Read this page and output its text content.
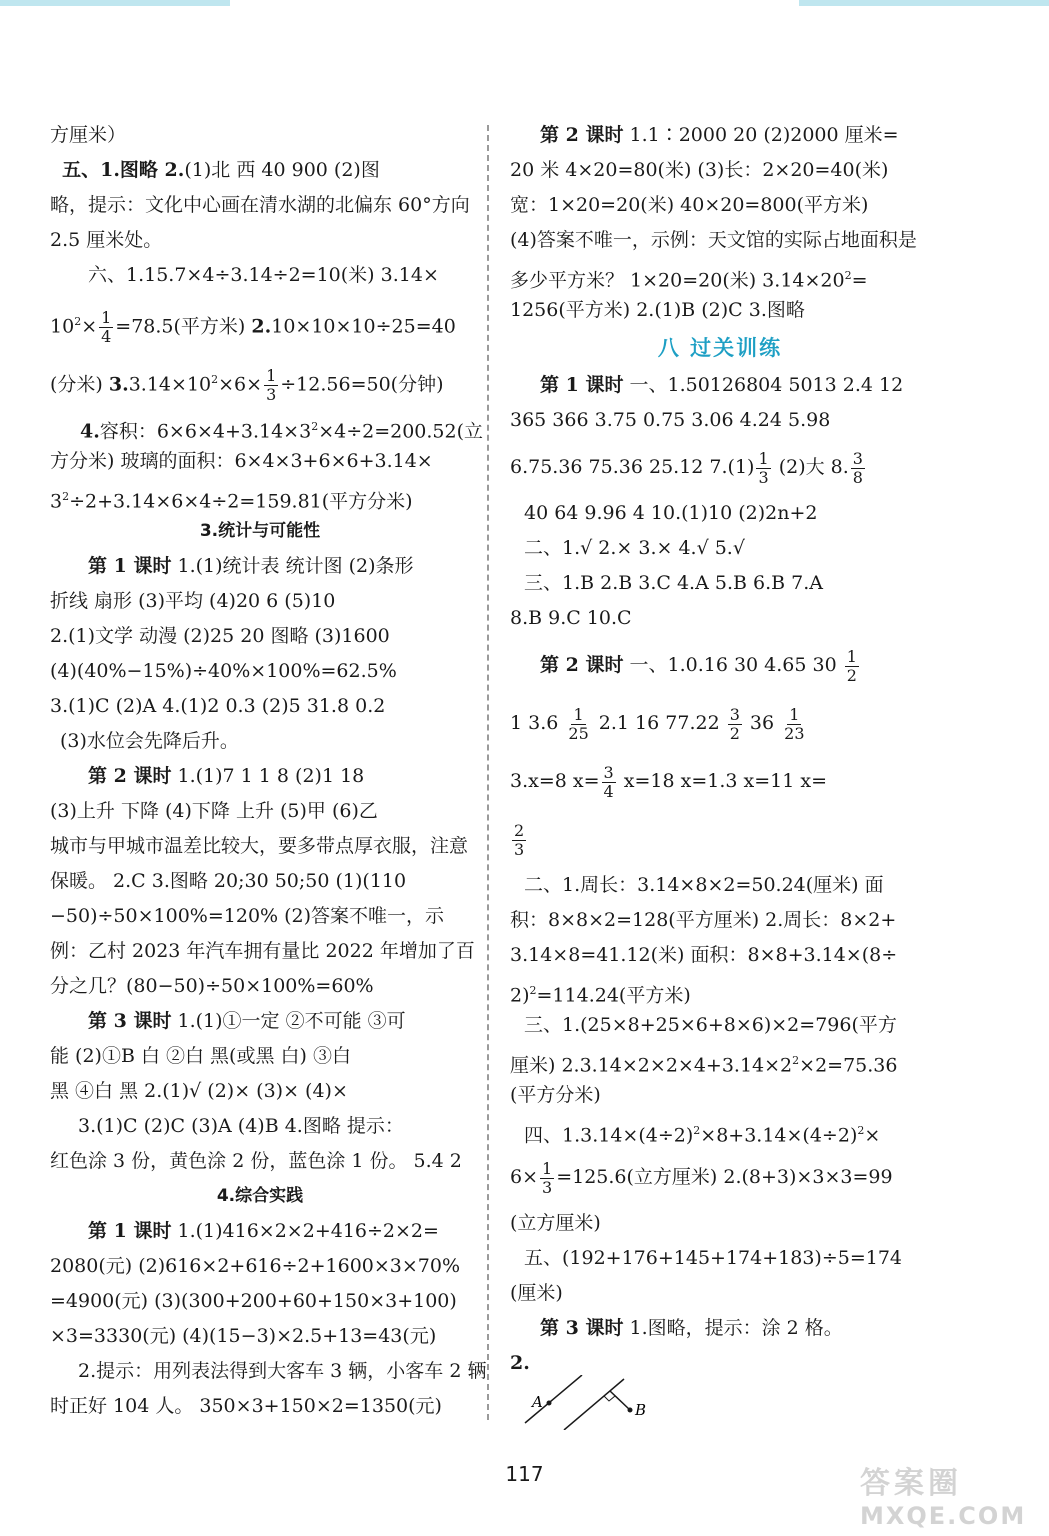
方厘米）
五、1.图略 2.(1)北 西 40 900 (2)图
略，提示：文化中心画在清水湖的北偏东 60°方向
2.5 厘米处。
六、1.15.7×4÷3.14÷2=10(米) 3.14×
$10^2\times \frac{1}{4} =78.5$(平方米) 2.10×10×10÷25=40
(分米) $3.3.14\times 10^2\times 6\times \frac{1}{3} \div 12.56=50$(分钟)
4.容积：$6\times 6\times 4+3.14\times 3^2\times 4\div 2=200.52$(立
方分米) 玻璃的面积：6×4×3+6×6+3.14×
$3^2\div 2+3.14\times 6\times 4\div 2=159.81$(平方分米)
3.统计与可能性
第 1 课时 1.(1)统计表 统计图 (2)条形
折线 扇形 (3)平均 (4)20 6 (5)10
2.(1)文学 动漫 (2)25 20 图略 (3)1600
(4)(40%−15%)÷40%×100%=62.5%
3.(1)C (2)A 4.(1)2 0.3 (2)5 31.8 0.2
(3)水位会先降后升。
第 2 课时 1.(1)7 1 1 8 (2)1 18
(3)上升 下降 (4)下降 上升 (5)甲 (6)乙
城市与甲城市温差比较大，要多带点厚衣服，注意
保暖。 2.C 3.图略 20;30 50;50 (1)(110
−50)÷50×100%=120% (2)答案不唯一，示
例：乙村 2023 年汽车拥有量比 2022 年增加了百
分之几？(80−50)÷50×100%=60%
第 3 课时 1.(1)①一定 ②不可能 ③可
能 (2)①B 白 ②白 黑(或黑 白) ③白
黑 ④白 黑 2.(1)√ (2)× (3)× (4)×
3.(1)C (2)C (3)A (4)B 4.图略 提示：
红色涂 3 份，黄色涂 2 份，蓝色涂 1 份。 5.4 2
4.综合实践
第 1 课时 1.(1)416×2×2+416÷2×2=
2080(元) (2)616×2+616÷2+1600×3×70%
=4900(元) (3)(300+200+60+150×3+100)
×3=3330(元) (4)(15−3)×2.5+13=43(元)
2.提示：用列表法得到大客车 3 辆，小客车 2 辆
时正好 104 人。 350×3+150×2=1350(元)
第 2 课时 1.1∶2000 20 (2)2000 厘米=
20 米 4×20=80(米) (3)长：2×20=40(米)
宽：1×20=20(米) 40×20=800(平方米)
(4)答案不唯一，示例：天文馆的实际占地面积是
多少平方米？ 1×20=20(米) $3.14\times 20^2=$
1256(平方米) 2.(1)B (2)C 3.图略
八 过关训练
第 1 课时 一、1.50126804 5013 2.4 12
365 366 3.75 0.75 3.06 4.24 5.98
6.75.36 75.36 25.12 $7.(1) \frac{1}{3} (2)$大 8. $\frac{3}{8}$
40 64 9.96 4 10.(1)10 (2)2n+2
二、1.√ 2.× 3.× 4.√ 5.√
三、1.B 2.B 3.C 4.A 5.B 6.B 7.A
8.B 9.C 10.C
第 2 课时 一、1.0.16 30 4.65 $30 \frac{1}{2}$
1 $3.6 \frac{1}{25} 2.1$ 16 $77.22 \frac{3}{2} 36 \frac{1}{23}$
3.x=8 $x= \frac{3}{4} x=18$ x=1.3 x=11 x=
$\frac{2}{3}$
二、1.周长：3.14×8×2=50.24(厘米) 面
积：8×8×2=128(平方厘米) 2.周长：8×2+
3.14×8=41.12(米) 面积：8×8+3.14×(8÷
2)$^2$=114.24(平方米)
三、1.(25×8+25×6+8×6)×2=796(平方
厘米) $2.3.14\times 2\times 2\times 4+3.14\times 2^2\times 2=75.36$
(平方分米)
四、$1.3.14\times(4\div 2)^2\times 8+3.14\times(4\div 2)^2\times$
$6\times \frac{1}{3} =125.6$(立方厘米) 2.(8+3)×3×3=99
(立方厘米)
五、(192+176+145+174+183)÷5=174
(厘米)
第 3 课时 1.图略，提示：涂 2 格。
2.
A	B
117	答案圈
MXQE.COM
